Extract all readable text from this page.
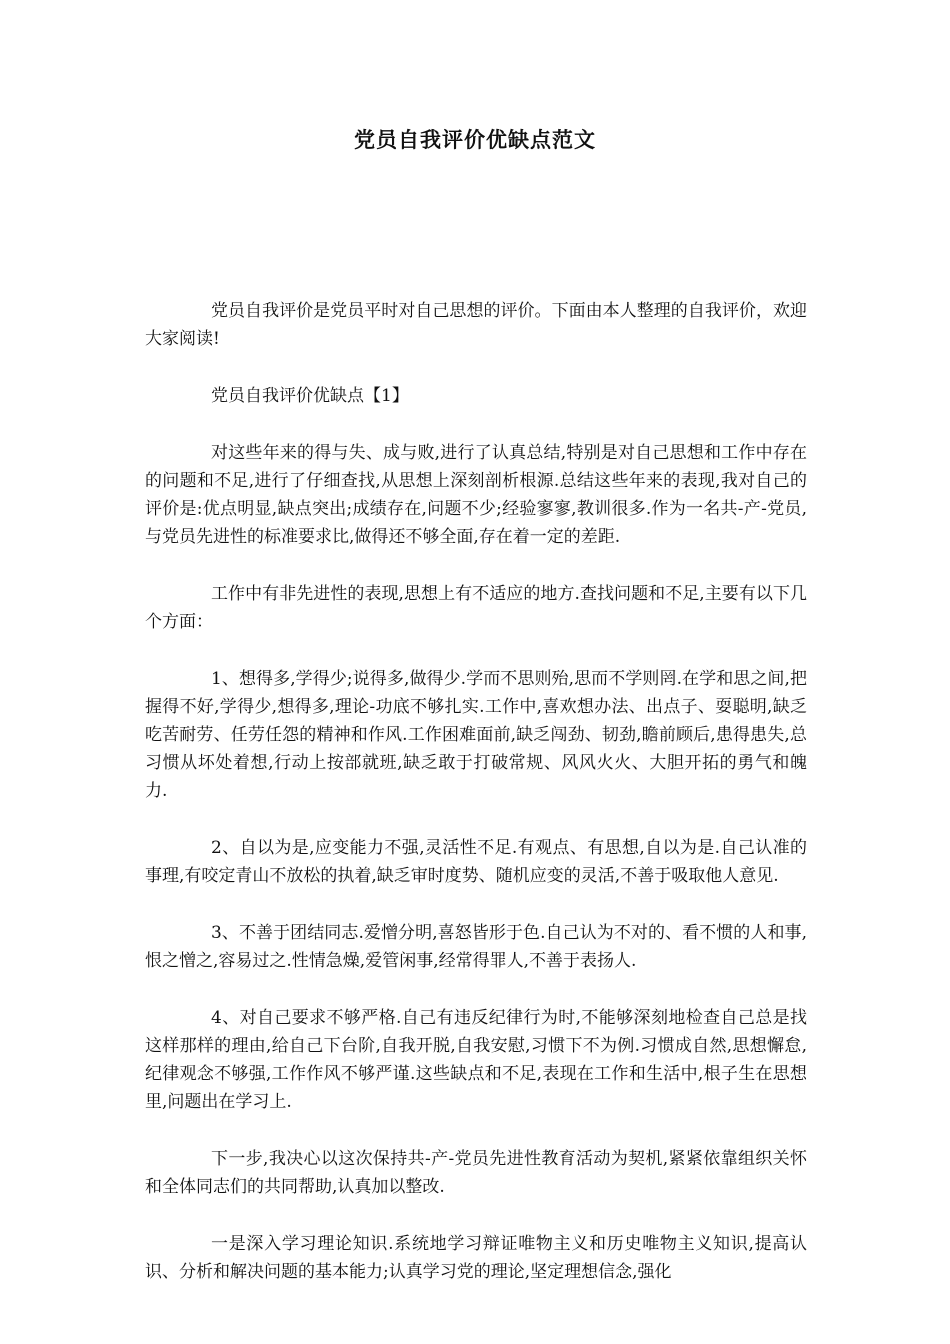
党员自我评价优缺点范文

党员自我评价是党员平时对自己思想的评价。下面由本人整理的自我评价，欢迎大家阅读!

党员自我评价优缺点【1】

对这些年来的得与失、成与败,进行了认真总结,特别是对自己思想和工作中存在的问题和不足,进行了仔细查找,从思想上深刻剖析根源.总结这些年来的表现,我对自己的评价是:优点明显,缺点突出;成绩存在,问题不少;经验寥寥,教训很多.作为一名共-产-党员,与党员先进性的标准要求比,做得还不够全面,存在着一定的差距.

工作中有非先进性的表现,思想上有不适应的地方.查找问题和不足,主要有以下几个方面：

1、想得多,学得少;说得多,做得少.学而不思则殆,思而不学则罔.在学和思之间,把握得不好,学得少,想得多,理论-功底不够扎实.工作中,喜欢想办法、出点子、耍聪明,缺乏吃苦耐劳、任劳任怨的精神和作风.工作困难面前,缺乏闯劲、韧劲,瞻前顾后,患得患失,总习惯从坏处着想,行动上按部就班,缺乏敢于打破常规、风风火火、大胆开拓的勇气和魄力.

2、自以为是,应变能力不强,灵活性不足.有观点、有思想,自以为是.自己认准的事理,有咬定青山不放松的执着,缺乏审时度势、随机应变的灵活,不善于吸取他人意见.

3、不善于团结同志.爱憎分明,喜怒皆形于色.自己认为不对的、看不惯的人和事,恨之憎之,容易过之.性情急燥,爱管闲事,经常得罪人,不善于表扬人.

4、对自己要求不够严格.自己有违反纪律行为时,不能够深刻地检查自己总是找这样那样的理由,给自己下台阶,自我开脱,自我安慰,习惯下不为例.习惯成自然,思想懈怠,纪律观念不够强,工作作风不够严谨.这些缺点和不足,表现在工作和生活中,根子生在思想里,问题出在学习上.

下一步,我决心以这次保持共-产-党员先进性教育活动为契机,紧紧依靠组织关怀和全体同志们的共同帮助,认真加以整改.

一是深入学习理论知识.系统地学习辩证唯物主义和历史唯物主义知识,提高认识、分析和解决问题的基本能力;认真学习党的理论,坚定理想信念,强化
